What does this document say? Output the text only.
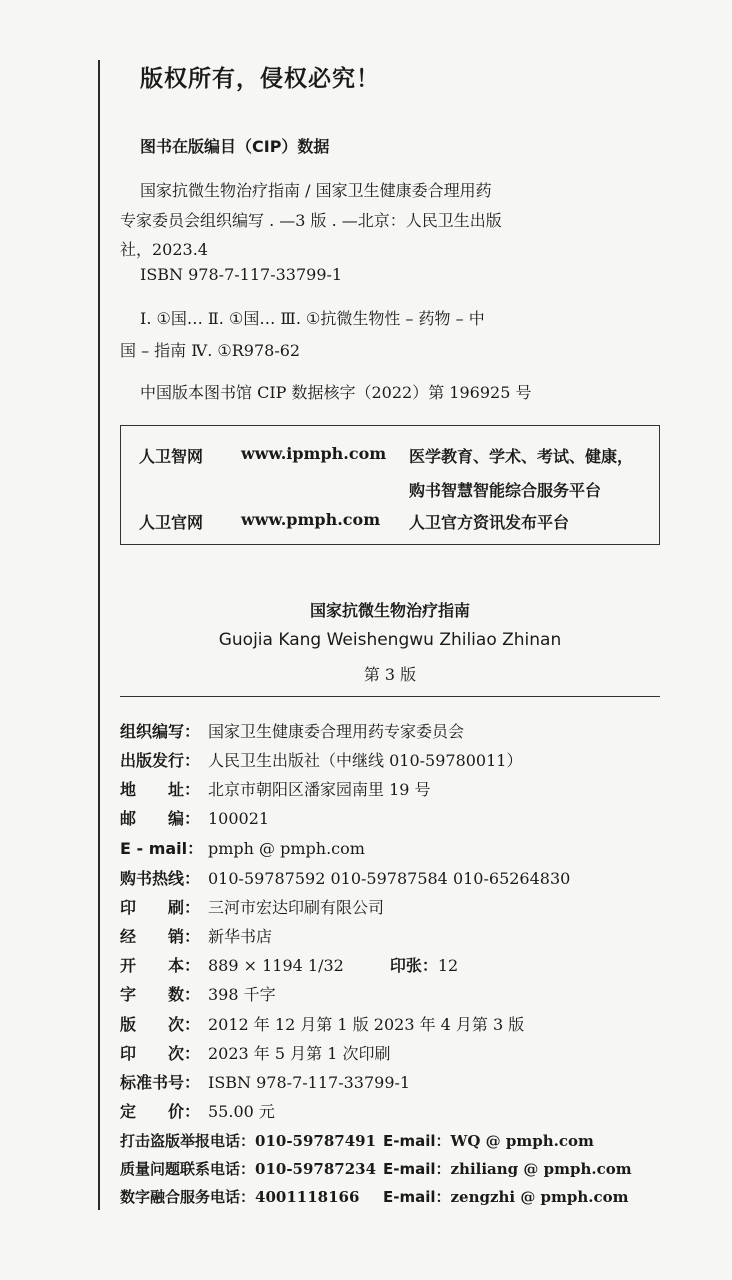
版权所有，侵权必究！
图书在版编目（CIP）数据
国家抗微生物治疗指南 / 国家卫生健康委合理用药
专家委员会组织编写 . —3 版 . —北京：人民卫生出版
社，2023.4
ISBN 978-7-117-33799-1
Ⅰ. ①国… Ⅱ. ①国… Ⅲ. ①抗微生物性 – 药物 – 中
国 – 指南 Ⅳ. ①R978-62
中国版本图书馆 CIP 数据核字（2022）第 196925 号
人卫智网 www.ipmph.com 医学教育、学术、考试、健康，
购书智慧智能综合服务平台
人卫官网 www.pmph.com 人卫官方资讯发布平台
国家抗微生物治疗指南
Guojia Kang Weishengwu Zhiliao Zhinan
第 3 版
组织编写： 国家卫生健康委合理用药专家委员会
出版发行： 人民卫生出版社（中继线 010-59780011）
地　　址： 北京市朝阳区潘家园南里 19 号
邮　　编： 100021
E - mail： pmph @ pmph.com
购书热线： 010-59787592 010-59787584 010-65264830
印　　刷： 三河市宏达印刷有限公司
经　　销： 新华书店
开　　本： 889 × 1194 1/32	印张：12
字　　数： 398 千字
版　　次： 2012 年 12 月第 1 版 2023 年 4 月第 3 版
印　　次： 2023 年 5 月第 1 次印刷
标准书号： ISBN 978-7-117-33799-1
定　　价： 55.00 元
打击盗版举报电话：010-59787491 E-mail：WQ @ pmph.com
质量问题联系电话：010-59787234 E-mail：zhiliang @ pmph.com
数字融合服务电话：4001118166 E-mail：zengzhi @ pmph.com
